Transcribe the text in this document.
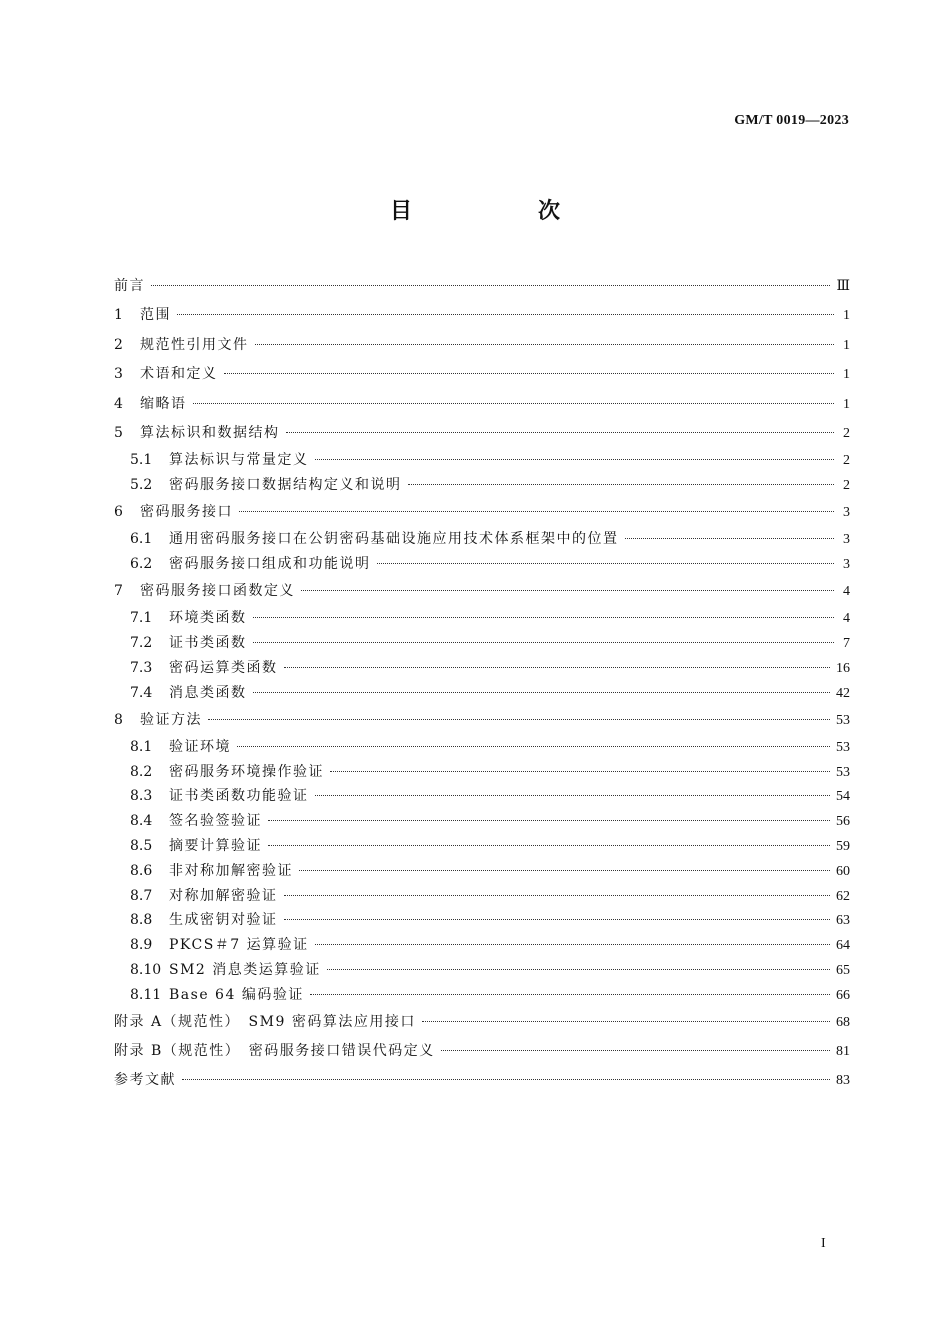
GM/T 0019—2023
目　次
前言	Ⅲ
1	范围	1
2	规范性引用文件	1
3	术语和定义	1
4	缩略语	1
5	算法标识和数据结构	2
5.1	算法标识与常量定义	2
5.2	密码服务接口数据结构定义和说明	2
6	密码服务接口	3
6.1	通用密码服务接口在公钥密码基础设施应用技术体系框架中的位置	3
6.2	密码服务接口组成和功能说明	3
7	密码服务接口函数定义	4
7.1	环境类函数	4
7.2	证书类函数	7
7.3	密码运算类函数	16
7.4	消息类函数	42
8	验证方法	53
8.1	验证环境	53
8.2	密码服务环境操作验证	53
8.3	证书类函数功能验证	54
8.4	签名验签验证	56
8.5	摘要计算验证	59
8.6	非对称加解密验证	60
8.7	对称加解密验证	62
8.8	生成密钥对验证	63
8.9	PKCS＃7 运算验证	64
8.10 SM2 消息类运算验证	65
8.11 Base 64 编码验证	66
附录 A（规范性）　SM9 密码算法应用接口	68
附录 B（规范性）　密码服务接口错误代码定义	81
参考文献	83
I
